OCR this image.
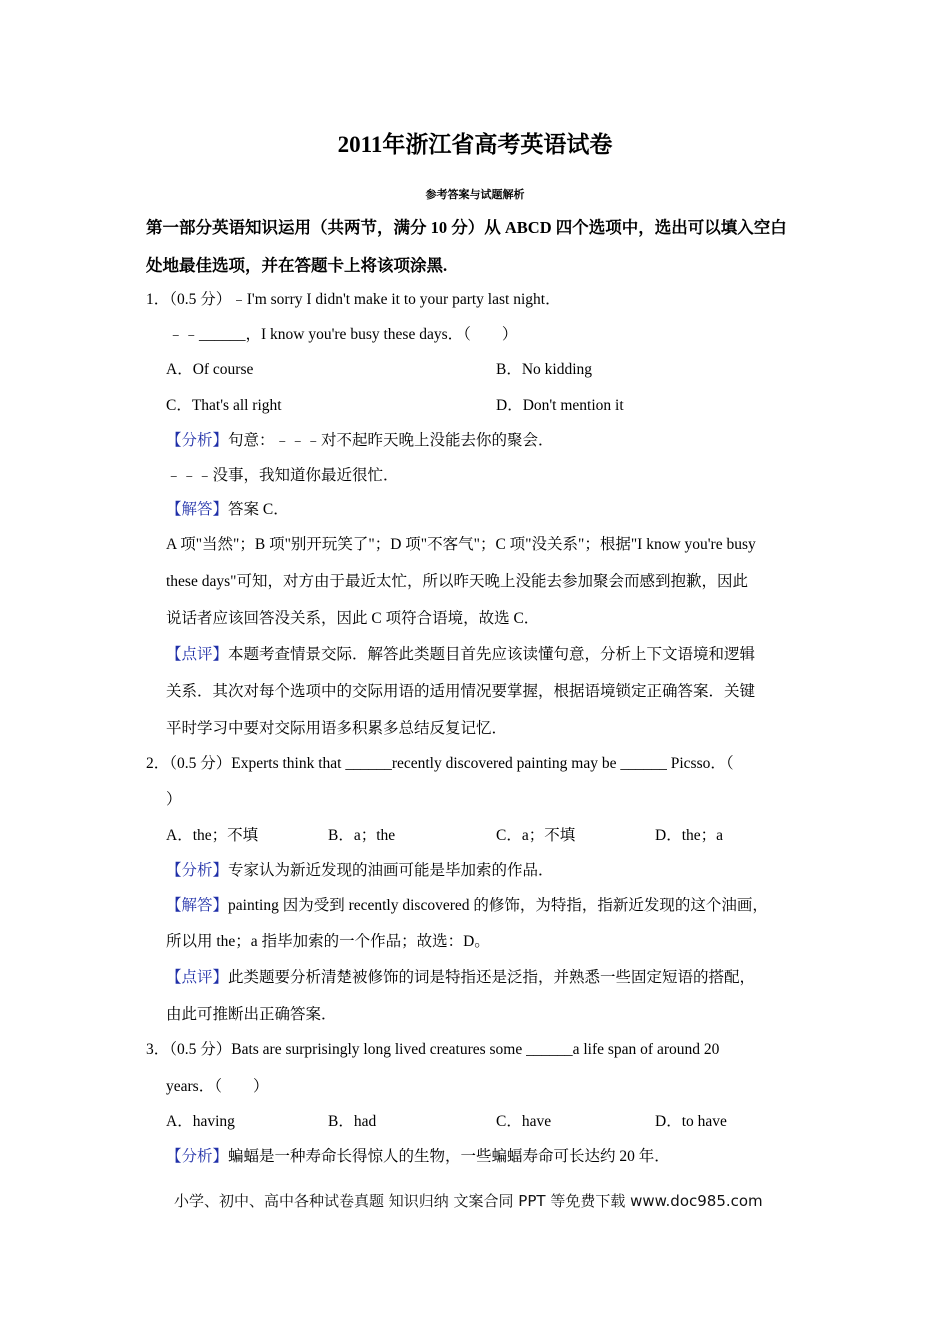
2011年浙江省高考英语试卷
参考答案与试题解析
第一部分英语知识运用（共两节，满分 10 分）从 ABCD 四个选项中，选出可以填入空白
处地最佳选项，并在答题卡上将该项涂黑.
1．（0.5 分）﹣I'm sorry I didn't make it to your party last night．
﹣﹣______，I know you're busy these days．（　　）
A．Of course	B．No kidding
C．That's all right	D．Don't mention it
【分析】句意：﹣﹣﹣对不起昨天晚上没能去你的聚会．
﹣﹣﹣没事，我知道你最近很忙．
【解答】答案 C．
A 项"当然"；B 项"别开玩笑了"；D 项"不客气"；C 项"没关系"；根据"I know you're busy
these days"可知，对方由于最近太忙，所以昨天晚上没能去参加聚会而感到抱歉，因此
说话者应该回答没关系，因此 C 项符合语境，故选 C．
【点评】本题考查情景交际．解答此类题目首先应该读懂句意，分析上下文语境和逻辑
关系．其次对每个选项中的交际用语的适用情况要掌握，根据语境锁定正确答案．关键
平时学习中要对交际用语多积累多总结反复记忆．
2．（0.5 分）Experts think that ______recently discovered painting may be ______ Picsso．（
）
A．the；不填	B．a；the	C．a；不填	D．the；a
【分析】专家认为新近发现的油画可能是毕加索的作品．
【解答】painting 因为受到 recently discovered 的修饰，为特指，指新近发现的这个油画，
所以用 the；a 指毕加索的一个作品；故选：D。
【点评】此类题要分析清楚被修饰的词是特指还是泛指，并熟悉一些固定短语的搭配，
由此可推断出正确答案．
3．（0.5 分）Bats are surprisingly long lived creatures some ______a life span of around 20
years．（　　）
A．having	B．had	C．have	D．to have
【分析】蝙蝠是一种寿命长得惊人的生物，一些蝙蝠寿命可长达约 20 年．
小学、初中、高中各种试卷真题 知识归纳 文案合同 PPT 等免费下载 www.doc985.com
